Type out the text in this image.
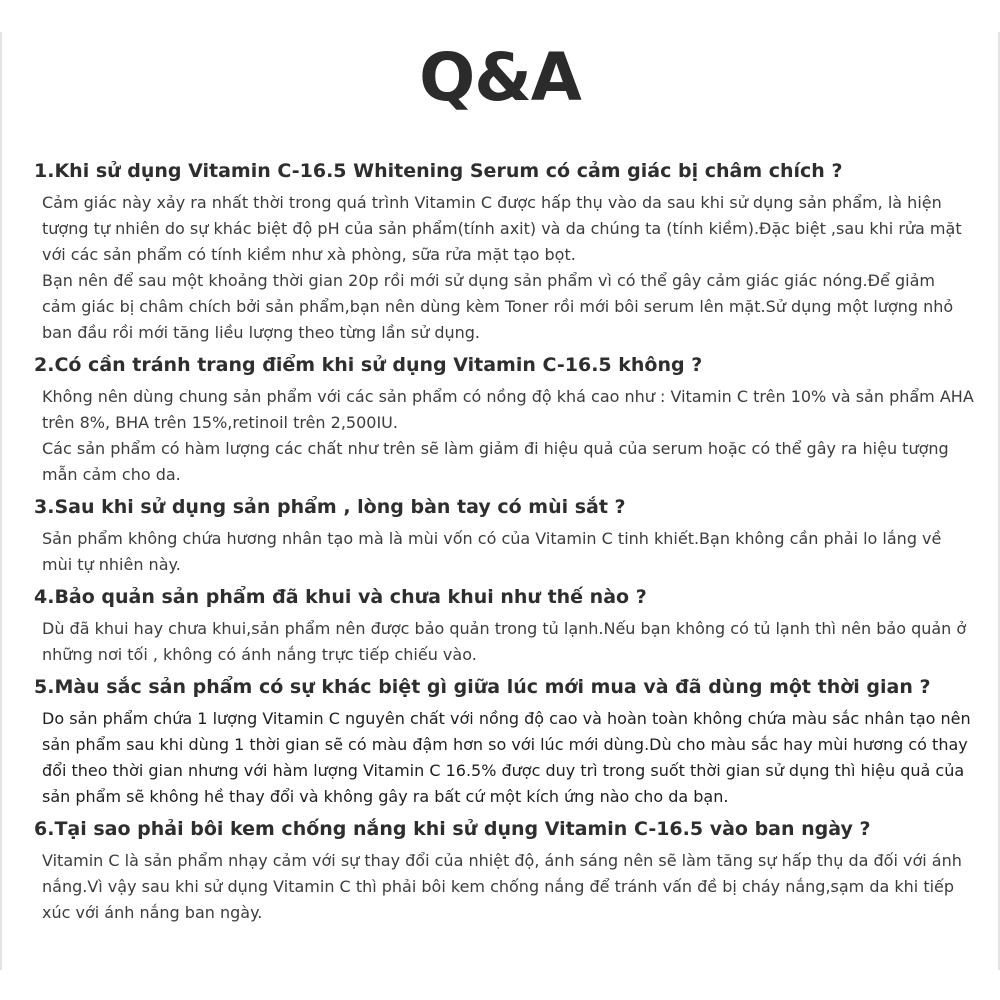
Q&A
1.Khi sử dụng Vitamin C-16.5 Whitening Serum có cảm giác bị châm chích ?

Cảm giác này xảy ra nhất thời trong quá trình Vitamin C được hấp thụ vào da sau khi sử dụng sản phẩm, là hiện tượng tự nhiên do sự khác biệt độ pH của sản phẩm(tính axit) và da chúng ta (tính kiềm).Đặc biệt ,sau khi rửa mặt với các sản phẩm có tính kiềm như xà phòng, sữa rửa mặt tạo bọt.

Bạn nên để sau một khoảng thời gian 20p rồi mới sử dụng sản phẩm vì có thể gây cảm giác giác nóng.Để giảm cảm giác bị châm chích bởi sản phẩm,bạn nên dùng kèm Toner rồi mới bôi serum lên mặt.Sử dụng một lượng nhỏ ban đầu rồi mới tăng liều lượng theo từng lần sử dụng.

2.Có cần tránh trang điểm khi sử dụng Vitamin C-16.5 không ?

Không nên dùng chung sản phẩm với các sản phẩm có nồng độ khá cao như : Vitamin C trên 10% và sản phẩm AHA trên 8%, BHA trên 15%,retinoil trên 2,500IU.

Các sản phẩm có hàm lượng các chất như trên sẽ làm giảm đi hiệu quả của serum hoặc có thể gây ra hiệu tượng mẫn cảm cho da.

3.Sau khi sử dụng sản phẩm , lòng bàn tay có mùi sắt ?

Sản phẩm không chứa hương nhân tạo mà là mùi vốn có của Vitamin C tinh khiết.Bạn không cần phải lo lắng về mùi tự nhiên này.

4.Bảo quản sản phẩm đã khui và chưa khui như thế nào ?

Dù đã khui hay chưa khui,sản phẩm nên được bảo quản trong tủ lạnh.Nếu bạn không có tủ lạnh thì nên bảo quản ở những nơi tối , không có ánh nắng trực tiếp chiếu vào.

5.Màu sắc sản phẩm có sự khác biệt gì giữa lúc mới mua và đã dùng một thời gian ?

Do sản phẩm chứa 1 lượng Vitamin C nguyên chất với nồng độ cao và hoàn toàn không chứa màu sắc nhân tạo nên sản phẩm sau khi dùng 1 thời gian sẽ có màu đậm hơn so với lúc mới dùng.Dù cho màu sắc hay mùi hương có thay đổi theo thời gian nhưng với hàm lượng Vitamin C 16.5% được duy trì trong suốt thời gian sử dụng thì hiệu quả của sản phẩm sẽ không hề thay đổi và không gây ra bất cứ một kích ứng nào cho da bạn.

6.Tại sao phải bôi kem chống nắng khi sử dụng Vitamin C-16.5 vào ban ngày ?

Vitamin C là sản phẩm nhạy cảm với sự thay đổi của nhiệt độ, ánh sáng nên sẽ làm tăng sự hấp thụ da đối với ánh nắng.Vì vậy sau khi sử dụng Vitamin C thì phải bôi kem chống nắng để tránh vấn đề bị cháy nắng,sạm da khi tiếp xúc với ánh nắng ban ngày.
